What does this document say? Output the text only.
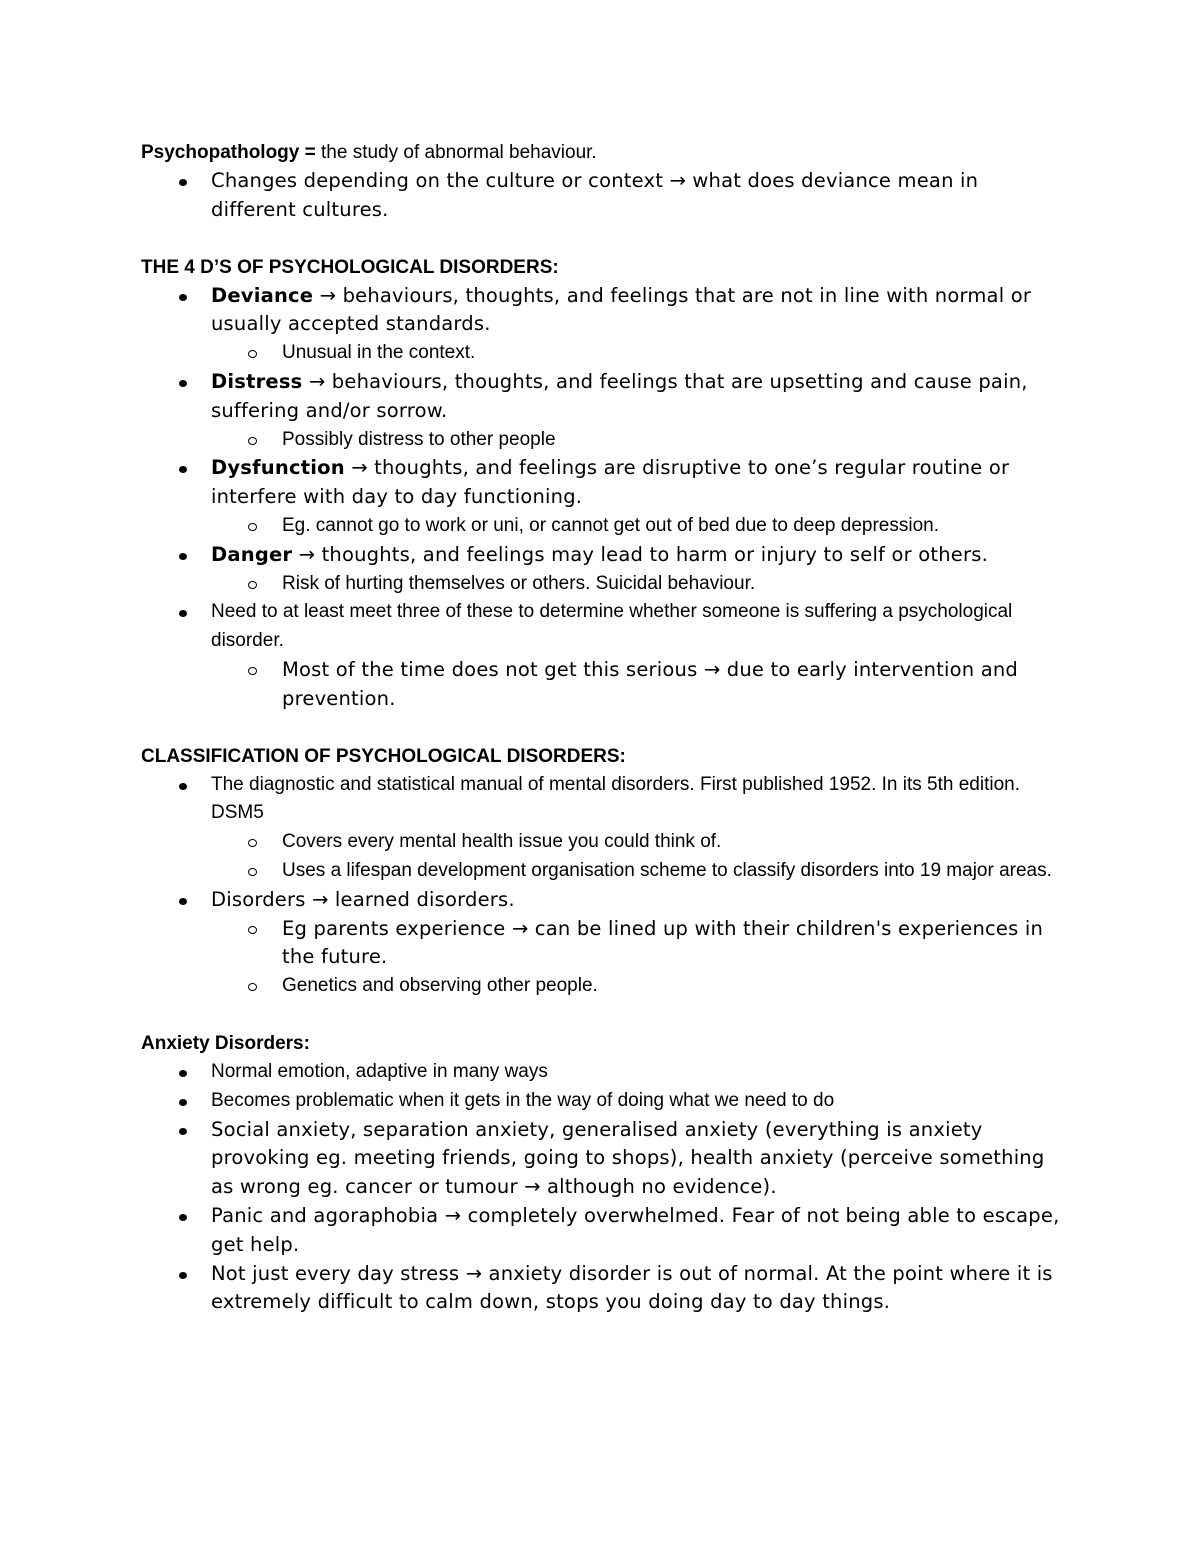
Psychopathology = the study of abnormal behaviour.
Changes depending on the culture or context → what does deviance mean in different cultures.
THE 4 D’S OF PSYCHOLOGICAL DISORDERS:
Deviance → behaviours, thoughts, and feelings that are not in line with normal or usually accepted standards.
Unusual in the context.
Distress → behaviours, thoughts, and feelings that are upsetting and cause pain, suffering and/or sorrow.
Possibly distress to other people
Dysfunction → thoughts, and feelings are disruptive to one’s regular routine or interfere with day to day functioning.
Eg. cannot go to work or uni, or cannot get out of bed due to deep depression.
Danger → thoughts, and feelings may lead to harm or injury to self or others.
Risk of hurting themselves or others. Suicidal behaviour.
Need to at least meet three of these to determine whether someone is suffering a psychological disorder.
Most of the time does not get this serious → due to early intervention and prevention.
CLASSIFICATION OF PSYCHOLOGICAL DISORDERS:
The diagnostic and statistical manual of mental disorders. First published 1952. In its 5th edition. DSM5
Covers every mental health issue you could think of.
Uses a lifespan development organisation scheme to classify disorders into 19 major areas.
Disorders → learned disorders.
Eg parents experience → can be lined up with their children's experiences in the future.
Genetics and observing other people.
Anxiety Disorders:
Normal emotion, adaptive in many ways
Becomes problematic when it gets in the way of doing what we need to do
Social anxiety, separation anxiety, generalised anxiety (everything is anxiety provoking eg. meeting friends, going to shops), health anxiety (perceive something as wrong eg. cancer or tumour → although no evidence).
Panic and agoraphobia → completely overwhelmed. Fear of not being able to escape, get help.
Not just every day stress → anxiety disorder is out of normal. At the point where it is extremely difficult to calm down, stops you doing day to day things.
